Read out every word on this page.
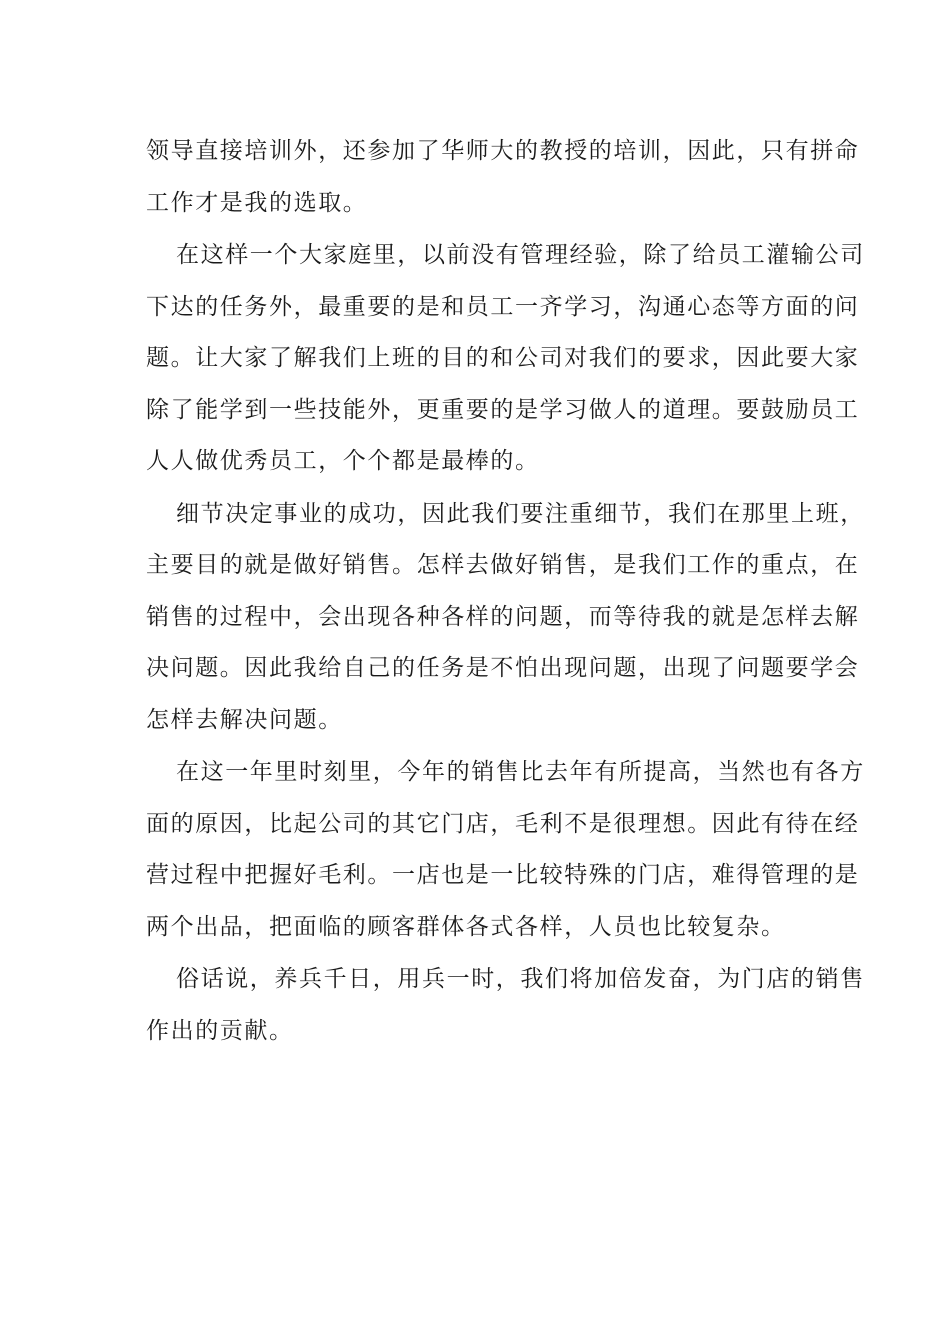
领导直接培训外，还参加了华师大的教授的培训，因此，只有拼命
工作才是我的选取。
在这样一个大家庭里，以前没有管理经验，除了给员工灌输公司
下达的任务外，最重要的是和员工一齐学习，沟通心态等方面的问
题。让大家了解我们上班的目的和公司对我们的要求，因此要大家
除了能学到一些技能外，更重要的是学习做人的道理。要鼓励员工
人人做优秀员工，个个都是最棒的。
细节决定事业的成功，因此我们要注重细节，我们在那里上班，
主要目的就是做好销售。怎样去做好销售，是我们工作的重点，在
销售的过程中，会出现各种各样的问题，而等待我的就是怎样去解
决问题。因此我给自己的任务是不怕出现问题，出现了问题要学会
怎样去解决问题。
在这一年里时刻里，今年的销售比去年有所提高，当然也有各方
面的原因，比起公司的其它门店，毛利不是很理想。因此有待在经
营过程中把握好毛利。一店也是一比较特殊的门店，难得管理的是
两个出品，把面临的顾客群体各式各样，人员也比较复杂。
俗话说，养兵千日，用兵一时，我们将加倍发奋，为门店的销售
作出的贡献。
